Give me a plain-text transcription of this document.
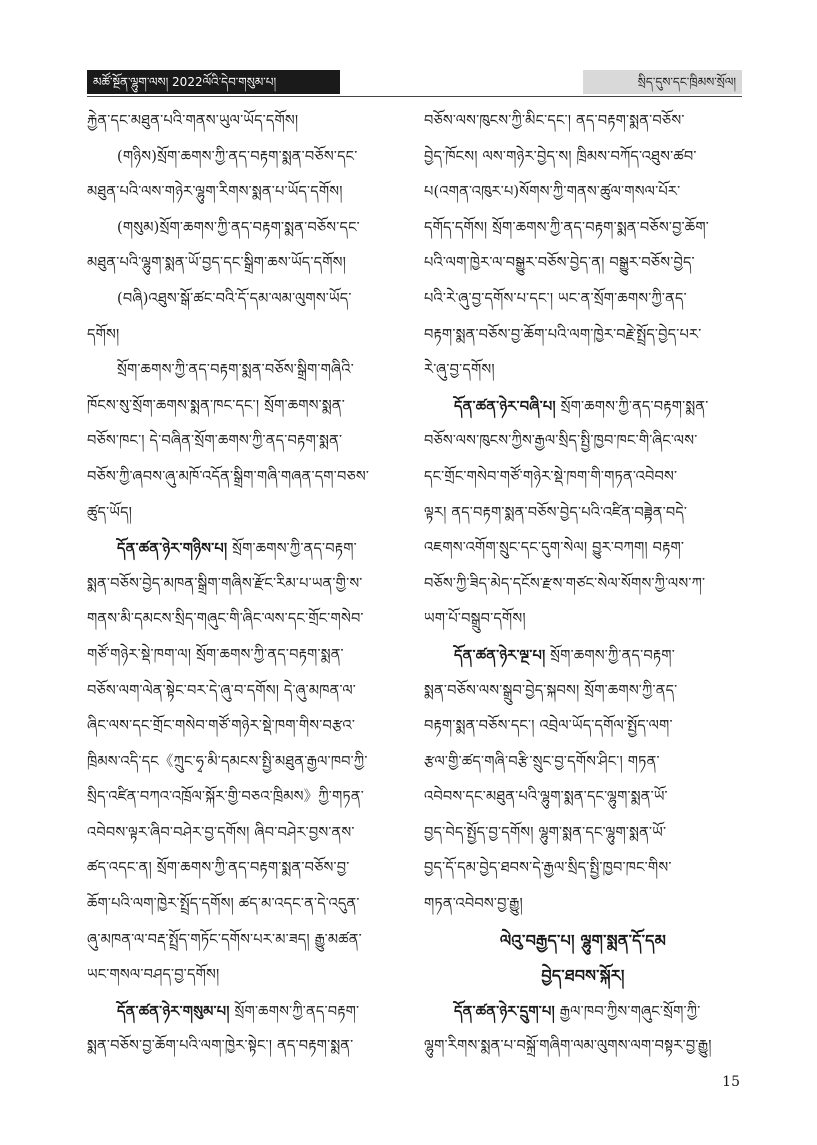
མཚོ་སྔོན་ལྷུག་ལས། 2022ལོའི་དེབ་གསུམ་པ།	སྲིད་དུས་དང་ཁྲིམས་སྲོལ།
རྐྱེན་དང་མཐུན་པའི་གནས་ཡུལ་ཡོད་དགོས།
(གཉིས)སྲོག་ཆགས་ཀྱི་ནད་བརྟག་སྨན་བཅོས་དང་
མཐུན་པའི་ལས་གཉེར་ལྷུག་རིགས་སྨན་པ་ཡོད་དགོས།
(གསུམ)སྲོག་ཆགས་ཀྱི་ནད་བརྟག་སྨན་བཅོས་དང་
མཐུན་པའི་ལྷུག་སྨན་ཡོ་བྱད་དང་སྒྲིག་ཆས་ཡོད་དགོས།
(བཞི)འཐུས་སྒོ་ཚང་བའི་དོ་དམ་ལམ་ལུགས་ཡོད་
དགོས།
སྲོག་ཆགས་ཀྱི་ནད་བརྟག་སྨན་བཅོས་སྒྲིག་གཞིའི་
ཁོངས་སུ་སྲོག་ཆགས་སྨན་ཁང་དང་། སྲོག་ཆགས་སྨན་
བཅོས་ཁང་། དེ་བཞིན་སྲོག་ཆགས་ཀྱི་ནད་བརྟག་སྨན་
བཅོས་ཀྱི་ཞབས་ཞུ་མཁོ་འདོན་སྒྲིག་གཞི་གཞན་དག་བཅས་
ཚུད་ཡོད།
དོན་ཚན་ཉེར་གཉིས་པ། སྲོག་ཆགས་ཀྱི་ནད་བརྟག་
སྨན་བཅོས་བྱེད་མཁན་སྒྲིག་གཞིས་རྫོང་རིམ་པ་ཡན་གྱི་ས་
གནས་མི་དམངས་སྲིད་གཞུང་གི་ཞིང་ལས་དང་གྲོང་གསེབ་
གཙོ་གཉེར་སྡེ་ཁག་ལ། སྲོག་ཆགས་ཀྱི་ནད་བརྟག་སྨན་
བཅོས་ལག་ལེན་སྟེང་བར་དེ་ཞུ་བ་དགོས། དེ་ཞུ་མཁན་ལ་
ཞིང་ལས་དང་གྲོང་གསེབ་གཙོ་གཉེར་སྡེ་ཁག་གིས་བརྩའ་
ཁྲིམས་འདི་དང《ཀྲུང་ཧྭ་མི་དམངས་སྤྱི་མཐུན་རྒྱལ་ཁབ་ཀྱི་
སྲིད་འཛིན་བཀའ་འཁྲོལ་སྐོར་གྱི་བཅའ་ཁྲིམས》ཀྱི་གཏན་
འབེབས་ལྟར་ཞིབ་བཤེར་བྱ་དགོས། ཞིབ་བཤེར་བྱས་ནས་
ཚད་འདང་ན། སྲོག་ཆགས་ཀྱི་ནད་བརྟག་སྨན་བཅོས་བྱ་
ཆོག་པའི་ལག་ཁྱེར་སྤྲོད་དགོས། ཚད་མ་འདང་ན་དེ་འདུན་
ཞུ་མཁན་ལ་བརྡ་སྤྲོད་གཏོང་དགོས་པར་མ་ཟད། རྒྱུ་མཚན་
ཡང་གསལ་བཤད་བྱ་དགོས།
དོན་ཚན་ཉེར་གསུམ་པ། སྲོག་ཆགས་ཀྱི་ནད་བརྟག་
སྨན་བཅོས་བྱ་ཆོག་པའི་ལག་ཁྱེར་སྟེང་། ནད་བརྟག་སྨན་
བཅོས་ལས་ཁུངས་ཀྱི་མིང་དང་། ནད་བརྟག་སྨན་བཅོས་
བྱེད་ཁོངས། ལས་གཉེར་བྱེད་ས། ཁྲིམས་བཀོད་འཐུས་ཚབ་
པ(འགན་འཁུར་པ)སོགས་ཀྱི་གནས་ཚུལ་གསལ་པོར་
དགོད་དགོས། སྲོག་ཆགས་ཀྱི་ནད་བརྟག་སྨན་བཅོས་བྱ་ཆོག་
པའི་ལག་ཁྱེར་ལ་བསྒྱུར་བཅོས་བྱེད་ན། བསྒྱུར་བཅོས་བྱེད་
པའི་རེ་ཞུ་བྱ་དགོས་པ་དང་། ཡང་ན་སྲོག་ཆགས་ཀྱི་ནད་
བརྟག་སྨན་བཅོས་བྱ་ཆོག་པའི་ལག་ཁྱེར་བརྗེ་སྤྲོད་བྱེད་པར་
རེ་ཞུ་བྱ་དགོས།
དོན་ཚན་ཉེར་བཞི་པ། སྲོག་ཆགས་ཀྱི་ནད་བརྟག་སྨན་
བཅོས་ལས་ཁུངས་ཀྱིས་རྒྱལ་སྲིད་སྤྱི་ཁྱབ་ཁང་གི་ཞིང་ལས་
དང་གྲོང་གསེབ་གཙོ་གཉེར་སྡེ་ཁག་གི་གཏན་འབེབས་
ལྟར། ནད་བརྟག་སྨན་བཅོས་བྱེད་པའི་འཛིན་བཟྟེན་བདེ་
འཇགས་འགོག་སྲུང་དང་དུག་སེལ། བྱུར་བཀག། བརྟག་
བཅོས་ཀྱི་ཟིད་མེད་དངོས་རྫས་གཙང་སེལ་སོགས་ཀྱི་ལས་ཀ་
ཡག་པོ་བསྒྲུབ་དགོས།
དོན་ཚན་ཉེར་ལྔ་པ། སྲོག་ཆགས་ཀྱི་ནད་བརྟག་
སྨན་བཅོས་ལས་སྒྲུབ་བྱེད་སྐབས། སྲོག་ཆགས་ཀྱི་ནད་
བརྟག་སྨན་བཅོས་དང་། འབྲེལ་ཡོད་དགོལ་སྤྱོད་ལག་
རྩལ་གྱི་ཚད་གཞི་བརྩི་སྲུང་བྱ་དགོས་ཤིང་། གཏན་
འབེབས་དང་མཐུན་པའི་ལྷུག་སྨན་དང་ལྷུག་སྨན་ཡོ་
བྱད་བེད་སྤྱོད་བྱ་དགོས། ལྷུག་སྨན་དང་ལྷུག་སྨན་ཡོ་
བྱད་དོ་དམ་བྱེད་ཐབས་དེ་རྒྱལ་སྲིད་སྤྱི་ཁྱབ་ཁང་གིས་
གཏན་འབེབས་བྱ་རྒྱུ།
ལེའུ་བརྒྱད་པ། ལྷུག་སྨན་དོ་དམ
བྱེད་ཐབས་སྐོར།
དོན་ཚན་ཉེར་དྲུག་པ། རྒྱལ་ཁབ་ཀྱིས་གཞུང་སྲོག་ཀྱི་
ལྷུག་རིགས་སྨན་པ་བསྐྲོ་གཞིག་ལམ་ལུགས་ལག་བསྟར་བྱ་རྒྱུ།
15
